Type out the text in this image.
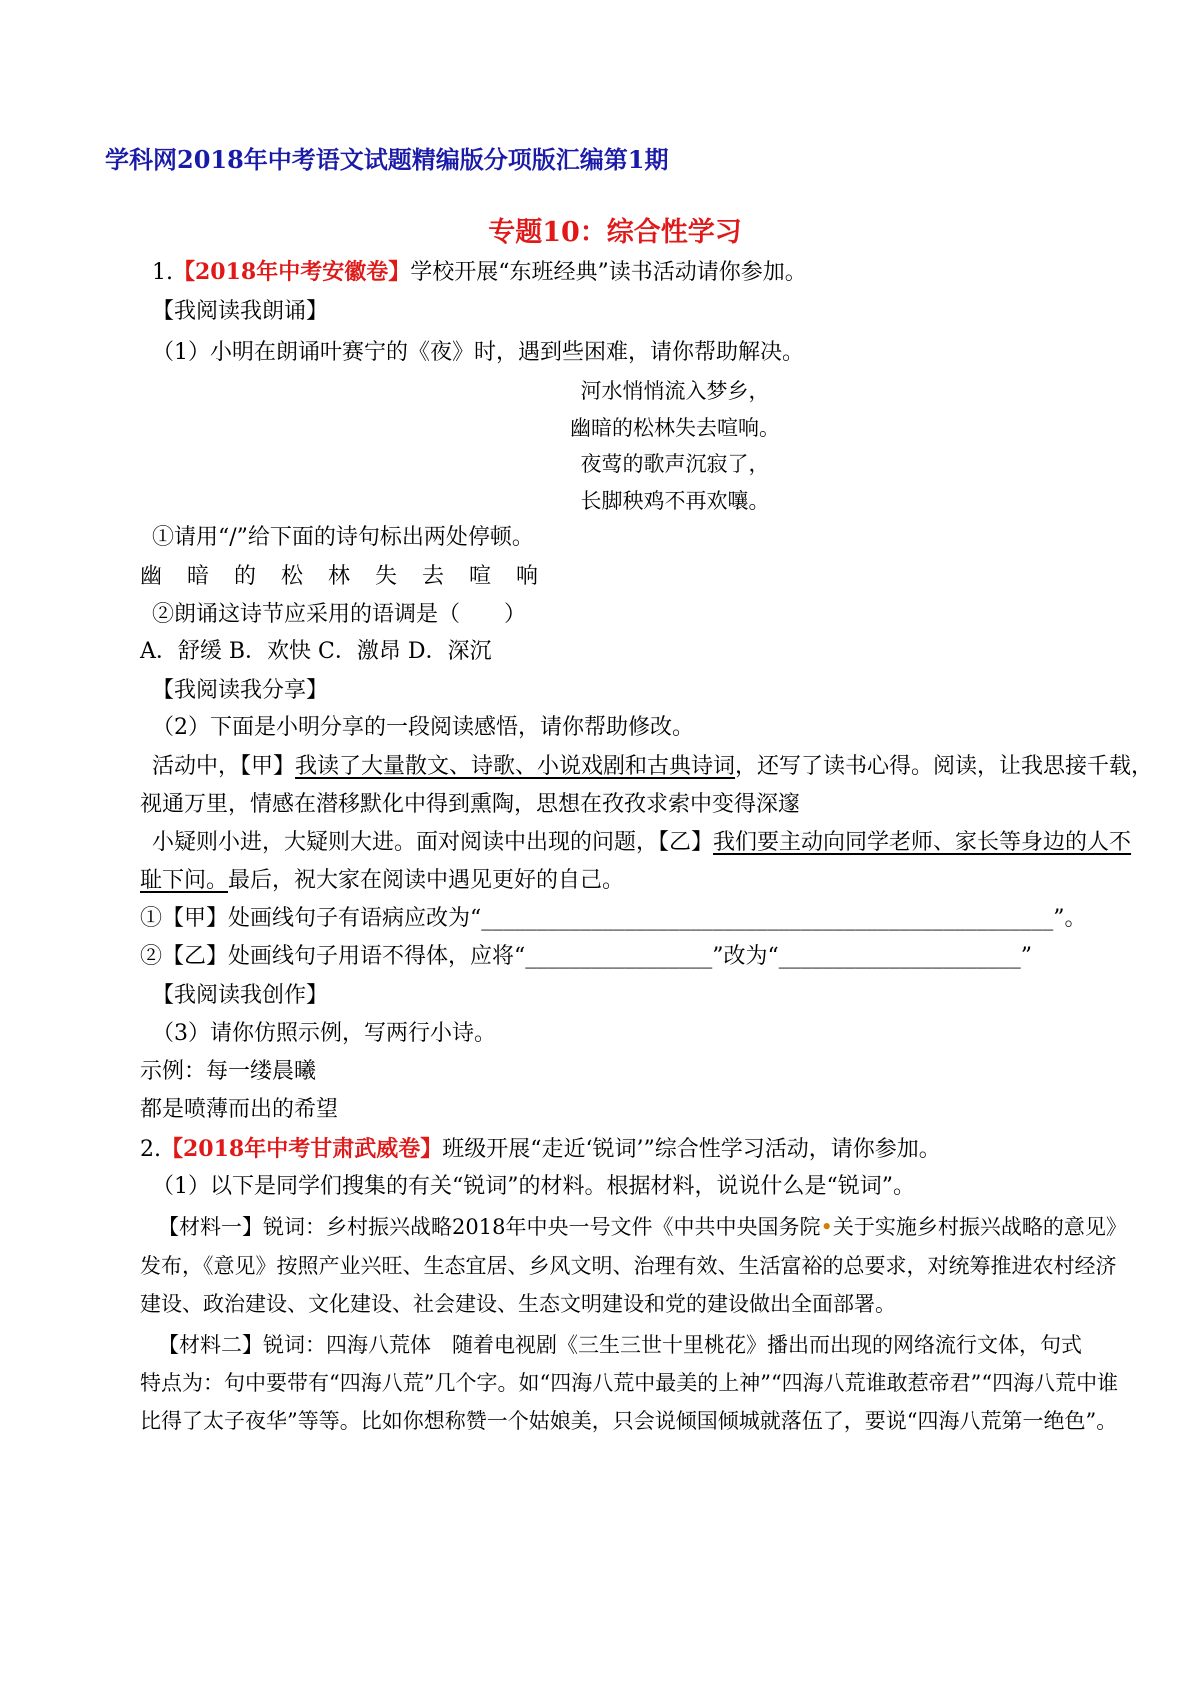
学科网2018年中考语文试题精编版分项版汇编第1期
专题10：综合性学习
1.【2018年中考安徽卷】学校开展“东班经典”读书活动请你参加。
【我阅读我朗诵】
（1）小明在朗诵叶赛宁的《夜》时，遇到些困难，请你帮助解决。
河水悄悄流入梦乡，
幽暗的松林失去喧响。
夜莺的歌声沉寂了，
长脚秧鸡不再欢嚷。
①请用“/”给下面的诗句标出两处停顿。
幽 暗 的 松 林 失 去 喧 响
②朗诵这诗节应采用的语调是（　　）
A．舒缓 B．欢快 C．激昂 D．深沉
【我阅读我分享】
（2）下面是小明分享的一段阅读感悟，请你帮助修改。
活动中，【甲】我读了大量散文、诗歌、小说戏剧和古典诗词，还写了读书心得。阅读，让我思接千载，
视通万里，情感在潜移默化中得到熏陶，思想在孜孜求索中变得深邃
小疑则小进，大疑则大进。面对阅读中出现的问题，【乙】我们要主动向同学老师、家长等身边的人不
耻下问。最后，祝大家在阅读中遇见更好的自己。
①【甲】处画线句子有语病应改为“____________________________________________________”。
②【乙】处画线句子用语不得体，应将“_________________”改为“______________________”
【我阅读我创作】
（3）请你仿照示例，写两行小诗。
示例：每一缕晨曦
都是喷薄而出的希望
2.【2018年中考甘肃武威卷】班级开展“走近‘锐词’”综合性学习活动，请你参加。
（1）以下是同学们搜集的有关“锐词”的材料。根据材料，说说什么是“锐词”。
【材料一】锐词：乡村振兴战略2018年中央一号文件《中共中央国务院•关于实施乡村振兴战略的意见》
发布，《意见》按照产业兴旺、生态宜居、乡风文明、治理有效、生活富裕的总要求，对统筹推进农村经济
建设、政治建设、文化建设、社会建设、生态文明建设和党的建设做出全面部署。
【材料二】锐词：四海八荒体　随着电视剧《三生三世十里桃花》播出而出现的网络流行文体，句式
特点为：句中要带有“四海八荒”几个字。如“四海八荒中最美的上神”“四海八荒谁敢惹帝君”“四海八荒中谁
比得了太子夜华”等等。比如你想称赞一个姑娘美，只会说倾国倾城就落伍了，要说“四海八荒第一绝色”。
